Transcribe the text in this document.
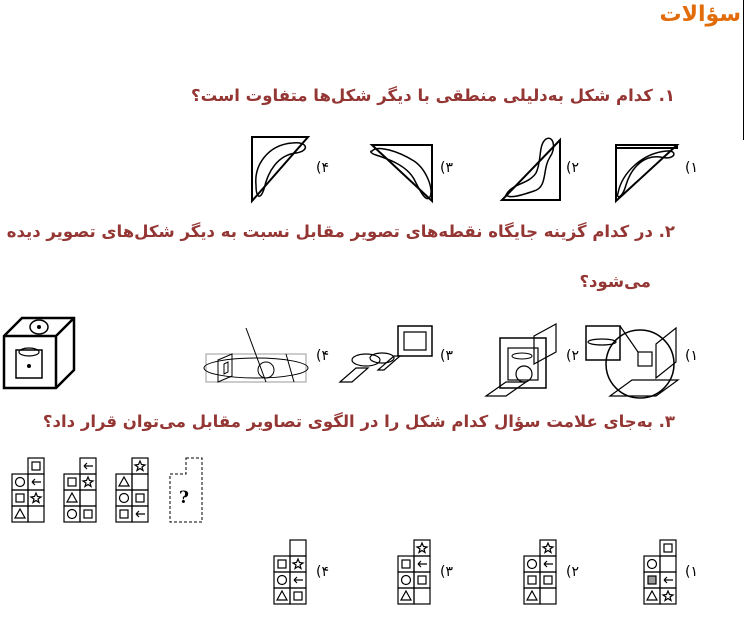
سؤالات
۱. کدام شکل به‌دلیلی منطقی با دیگر شکل‌ها متفاوت است؟
(۱
(۲
(۳
(۴
۲. در کدام گزینه جایگاه نقطه‌های تصویر مقابل نسبت به دیگر شکل‌های تصویر دیده
می‌شود؟
(۱
(۲
(۳
(۴
۳. به‌جای علامت سؤال کدام شکل را در الگوی تصاویر مقابل می‌توان قرار داد؟
?
(۱
(۲
(۳
(۴
